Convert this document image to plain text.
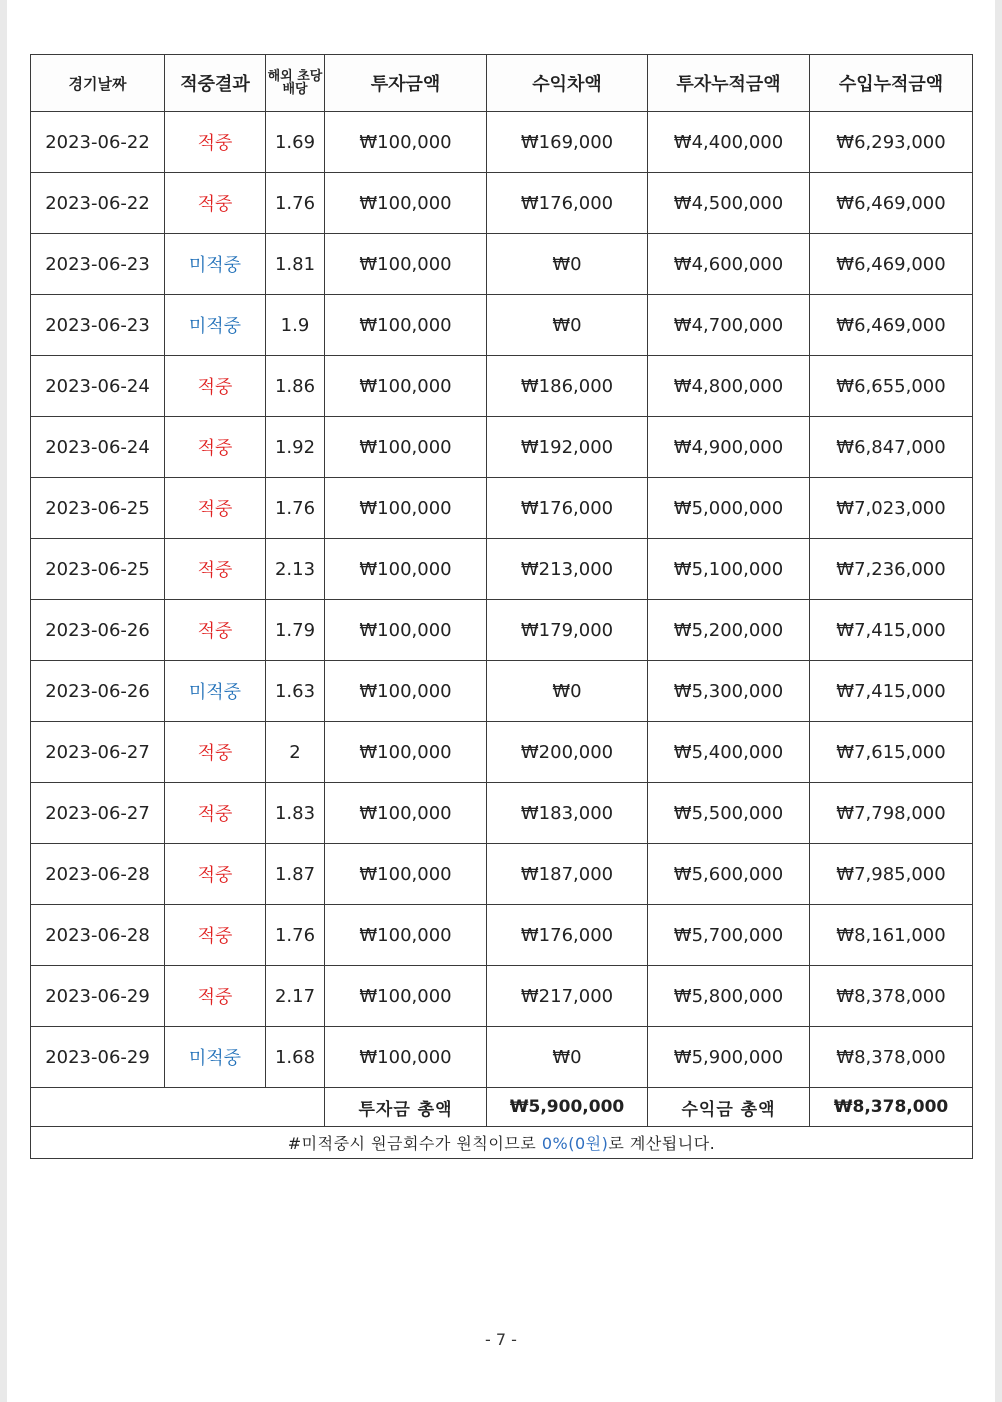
경기날짜	적중결과	해외 초당 배당	투자금액	수익차액	투자누적금액	수입누적금액
2023-06-22	적중	1.69	₩100,000	₩169,000	₩4,400,000	₩6,293,000
2023-06-22	적중	1.76	₩100,000	₩176,000	₩4,500,000	₩6,469,000
2023-06-23	미적중	1.81	₩100,000	₩0	₩4,600,000	₩6,469,000
2023-06-23	미적중	1.9	₩100,000	₩0	₩4,700,000	₩6,469,000
2023-06-24	적중	1.86	₩100,000	₩186,000	₩4,800,000	₩6,655,000
2023-06-24	적중	1.92	₩100,000	₩192,000	₩4,900,000	₩6,847,000
2023-06-25	적중	1.76	₩100,000	₩176,000	₩5,000,000	₩7,023,000
2023-06-25	적중	2.13	₩100,000	₩213,000	₩5,100,000	₩7,236,000
2023-06-26	적중	1.79	₩100,000	₩179,000	₩5,200,000	₩7,415,000
2023-06-26	미적중	1.63	₩100,000	₩0	₩5,300,000	₩7,415,000
2023-06-27	적중	2	₩100,000	₩200,000	₩5,400,000	₩7,615,000
2023-06-27	적중	1.83	₩100,000	₩183,000	₩5,500,000	₩7,798,000
2023-06-28	적중	1.87	₩100,000	₩187,000	₩5,600,000	₩7,985,000
2023-06-28	적중	1.76	₩100,000	₩176,000	₩5,700,000	₩8,161,000
2023-06-29	적중	2.17	₩100,000	₩217,000	₩5,800,000	₩8,378,000
2023-06-29	미적중	1.68	₩100,000	₩0	₩5,900,000	₩8,378,000
			투자금 총액	₩5,900,000	수익금 총액	₩8,378,000
#미적중시 원금회수가 원칙이므로 0%(0원)로 계산됩니다.						
- 7 -
